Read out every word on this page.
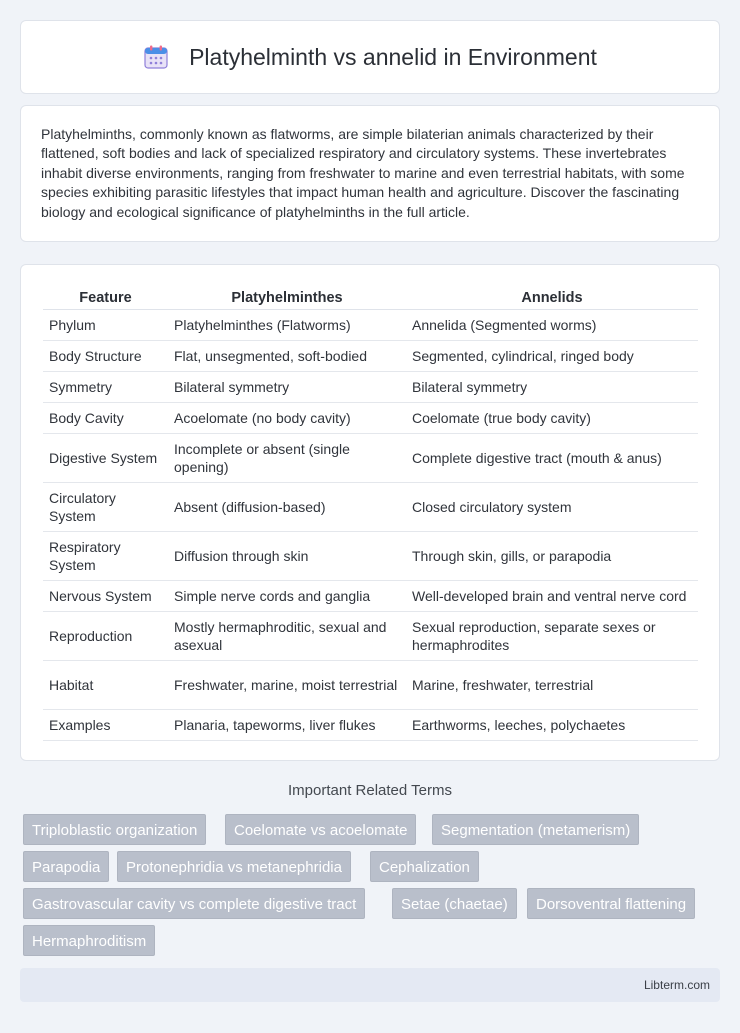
Platyhelminth vs annelid in Environment

Platyhelminths, commonly known as flatworms, are simple bilaterian animals characterized by their flattened, soft bodies and lack of specialized respiratory and circulatory systems. These invertebrates inhabit diverse environments, ranging from freshwater to marine and even terrestrial habitats, with some species exhibiting parasitic lifestyles that impact human health and agriculture. Discover the fascinating biology and ecological significance of platyhelminths in the full article.

Feature	Platyhelminthes	Annelids
Phylum	Platyhelminthes (Flatworms)	Annelida (Segmented worms)
Body Structure	Flat, unsegmented, soft-bodied	Segmented, cylindrical, ringed body
Symmetry	Bilateral symmetry	Bilateral symmetry
Body Cavity	Acoelomate (no body cavity)	Coelomate (true body cavity)
Digestive System	Incomplete or absent (single opening)	Complete digestive tract (mouth & anus)
Circulatory System	Absent (diffusion-based)	Closed circulatory system
Respiratory System	Diffusion through skin	Through skin, gills, or parapodia
Nervous System	Simple nerve cords and ganglia	Well-developed brain and ventral nerve cord
Reproduction	Mostly hermaphroditic, sexual and asexual	Sexual reproduction, separate sexes or hermaphrodites
Habitat	Freshwater, marine, moist terrestrial	Marine, freshwater, terrestrial
Examples	Planaria, tapeworms, liver flukes	Earthworms, leeches, polychaetes
Important Related Terms
Triploblastic organization	Coelomate vs acoelomate	Segmentation (metamerism)
Parapodia	Protonephridia vs metanephridia	Cephalization
Gastrovascular cavity vs complete digestive tract	Setae (chaetae)	Dorsoventral flattening
Hermaphroditism
Libterm.com
